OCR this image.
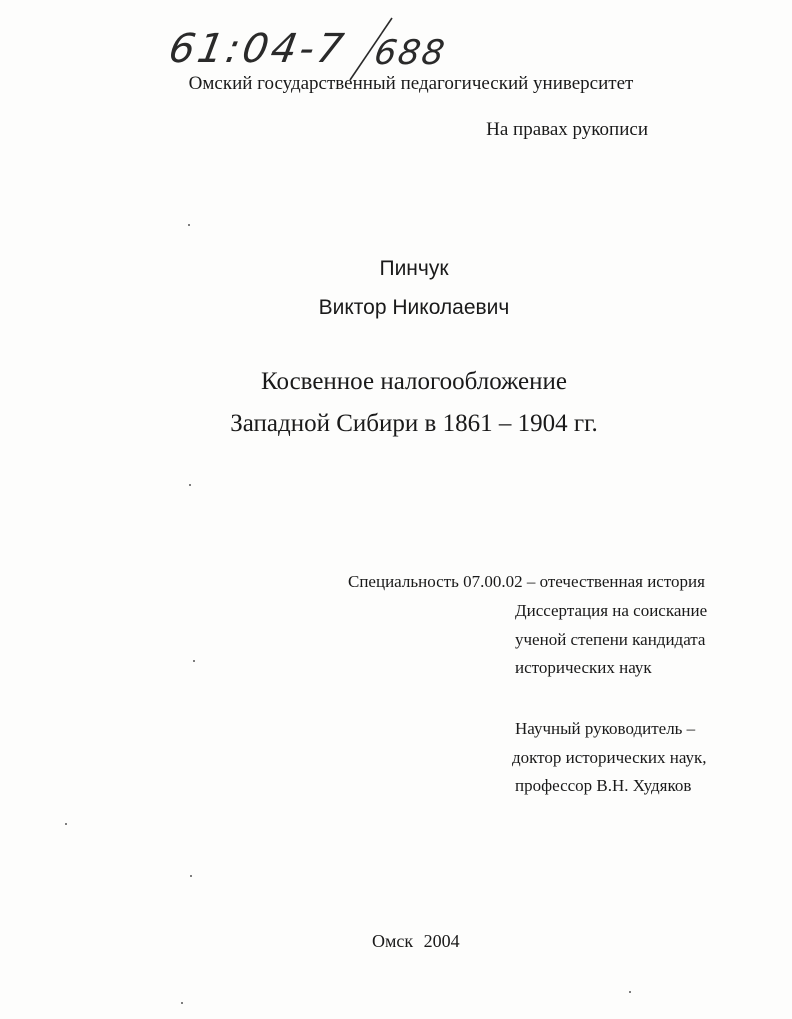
61:04-7 688
Омский государственный педагогический университет
На правах рукописи
Пинчук
Виктор Николаевич
Косвенное налогообложение
Западной Сибири в 1861 – 1904 гг.
Специальность 07.00.02 – отечественная история
Диссертация на соискание
ученой степени кандидата
исторических наук
Научный руководитель –
доктор исторических наук,
профессор В.Н. Худяков
Омск 2004
